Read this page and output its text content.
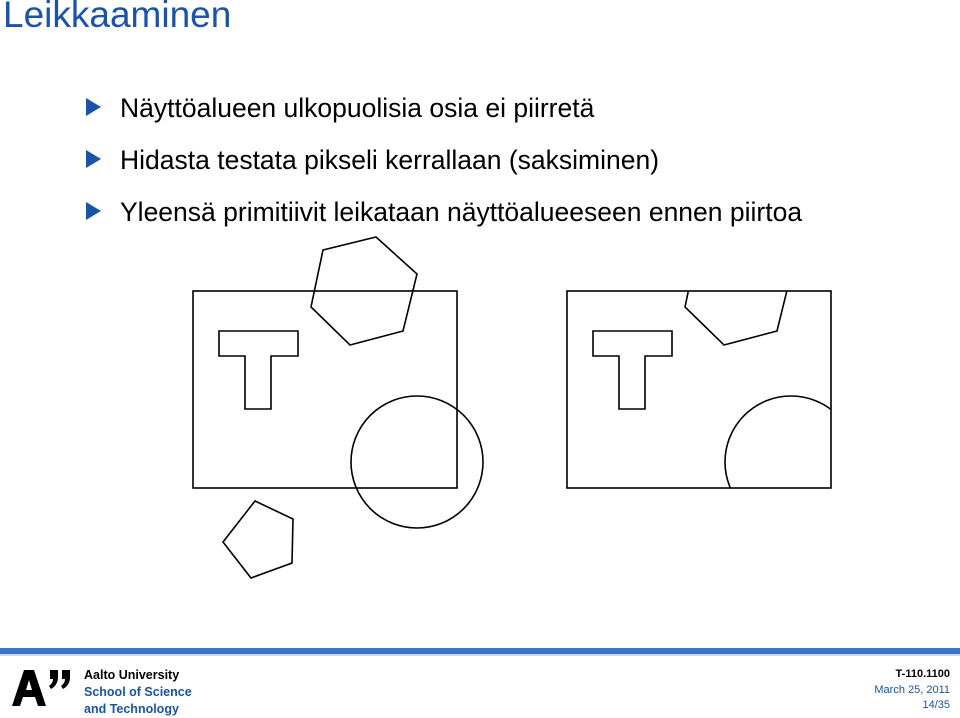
Leikkaaminen
Näyttöalueen ulkopuolisia osia ei piirretä
Hidasta testata pikseli kerrallaan (saksiminen)
Yleensä primitiivit leikataan näyttöalueeseen ennen piirtoa
Aalto University
School of Science
and Technology
T-110.1100
March 25, 2011
14/35
